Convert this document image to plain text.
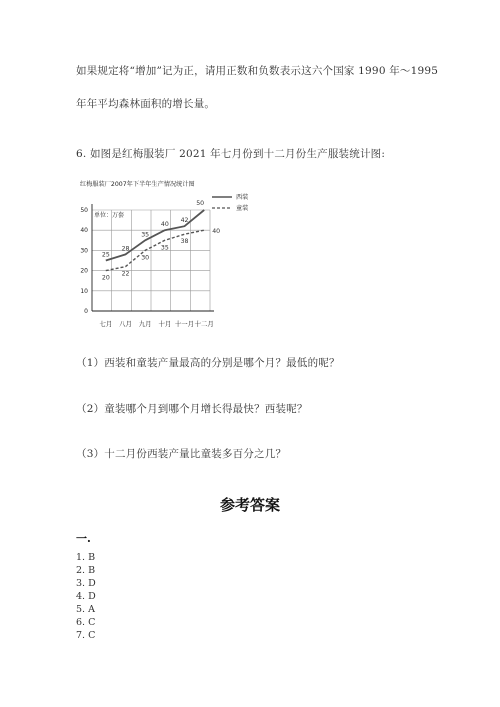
如果规定将“增加”记为正，请用正数和负数表示这六个国家 1990 年～1995
年年平均森林面积的增长量。
6. 如图是红梅服装厂 2021 年七月份到十二月份生产服装统计图:
红梅服装厂2007年下半年生产情况统计图
单位：万套
0
10
20
30
40
50
七月 八月 九月 十月 十一月 十二月
西装
童装
25
28
35
40
42
50
20
22
30
35
38
40
（1）西装和童装产量最高的分别是哪个月？最低的呢？
（2）童装哪个月到哪个月增长得最快？西装呢？
（3）十二月份西装产量比童装多百分之几？
参考答案
一.
1. B
2. B
3. D
4. D
5. A
6. C
7. C
